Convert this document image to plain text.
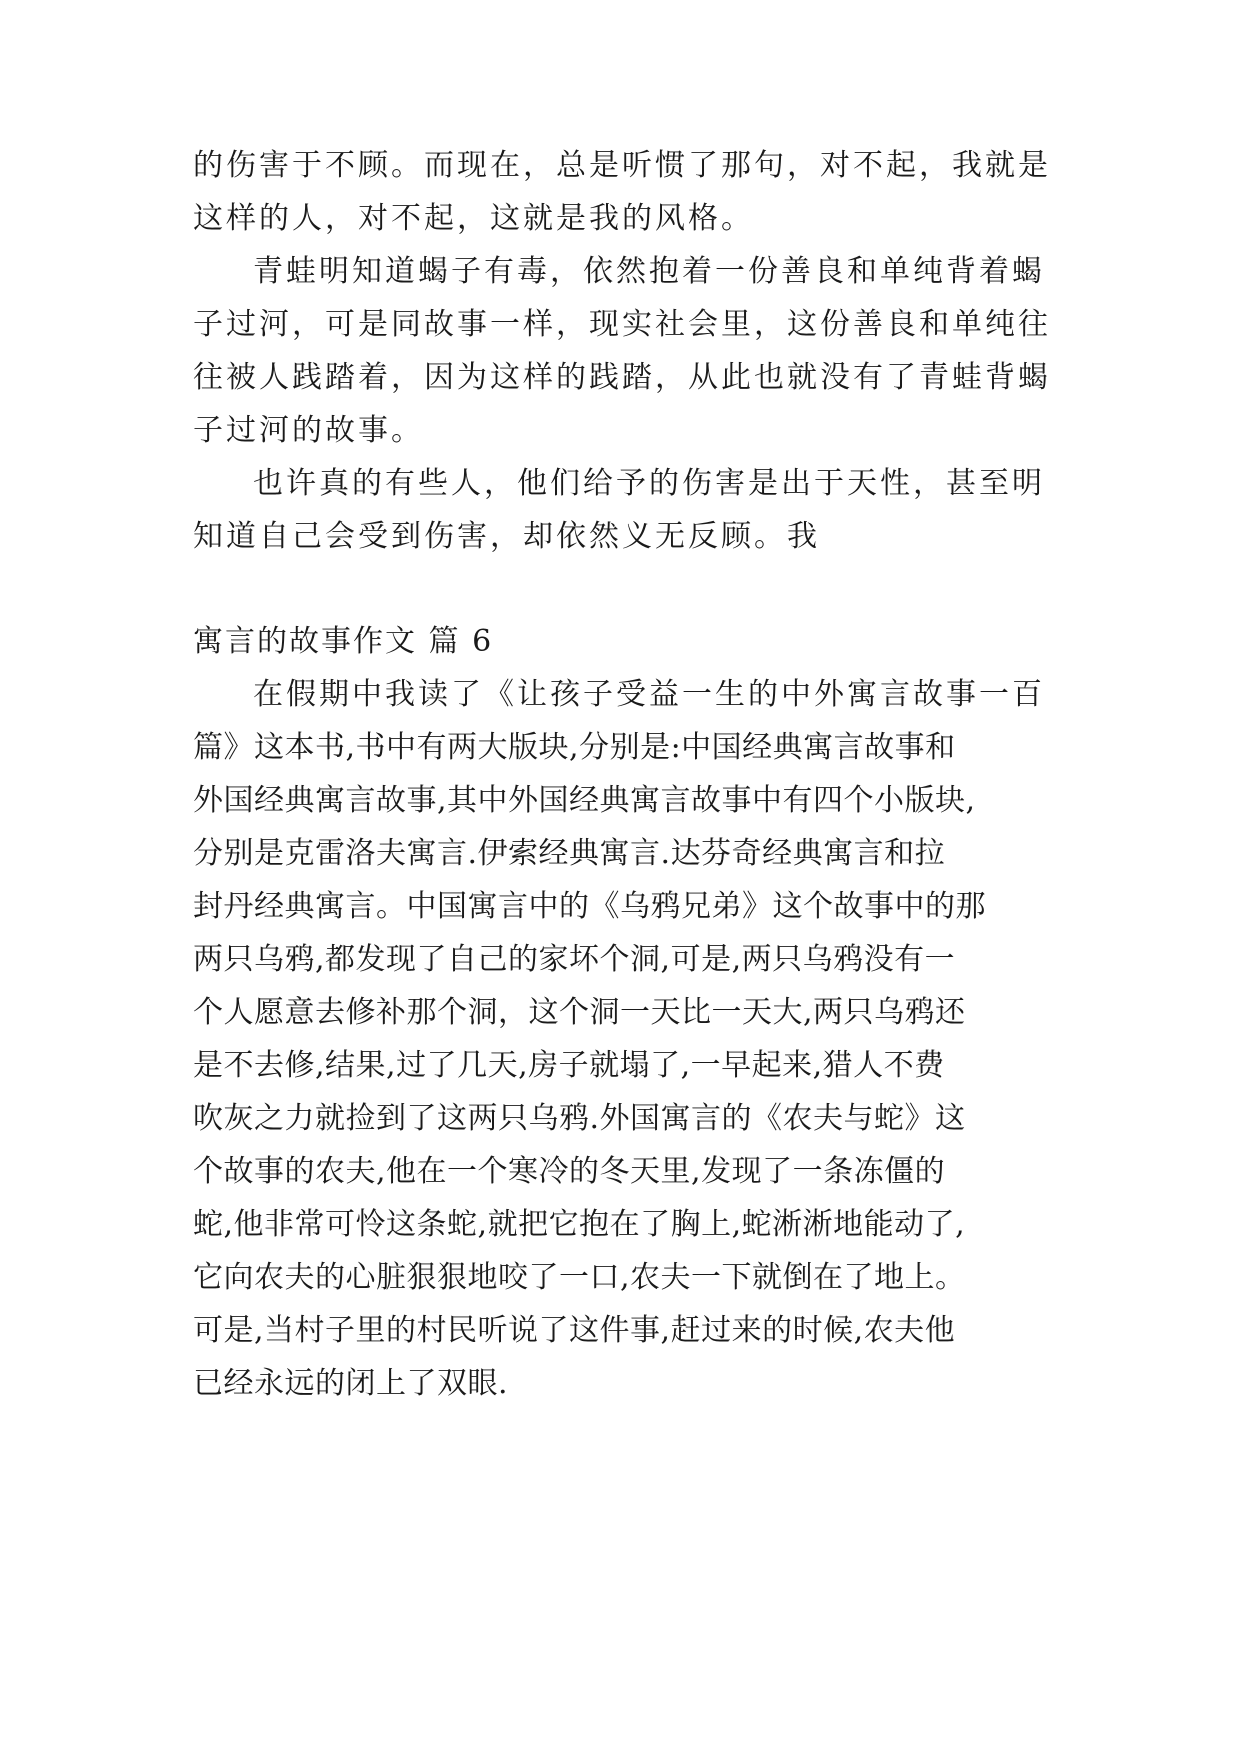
的伤害于不顾。而现在，总是听惯了那句，对不起，我就是
这样的人，对不起，这就是我的风格。
青蛙明知道蝎子有毒，依然抱着一份善良和单纯背着蝎
子过河，可是同故事一样，现实社会里，这份善良和单纯往
往被人践踏着，因为这样的践踏，从此也就没有了青蛙背蝎
子过河的故事。
也许真的有些人，他们给予的伤害是出于天性，甚至明
知道自己会受到伤害，却依然义无反顾。我
寓言的故事作文 篇 6
在假期中我读了《让孩子受益一生的中外寓言故事一百
篇》这本书,书中有两大版块,分别是:中国经典寓言故事和
外国经典寓言故事,其中外国经典寓言故事中有四个小版块,
分别是克雷洛夫寓言.伊索经典寓言.达芬奇经典寓言和拉
封丹经典寓言。中国寓言中的《乌鸦兄弟》这个故事中的那
两只乌鸦,都发现了自己的家坏个洞,可是,两只乌鸦没有一
个人愿意去修补那个洞，这个洞一天比一天大,两只乌鸦还
是不去修,结果,过了几天,房子就塌了,一早起来,猎人不费
吹灰之力就捡到了这两只乌鸦.外国寓言的《农夫与蛇》这
个故事的农夫,他在一个寒冷的冬天里,发现了一条冻僵的
蛇,他非常可怜这条蛇,就把它抱在了胸上,蛇淅淅地能动了,
它向农夫的心脏狠狠地咬了一口,农夫一下就倒在了地上。
可是,当村子里的村民听说了这件事,赶过来的时候,农夫他
已经永远的闭上了双眼.
